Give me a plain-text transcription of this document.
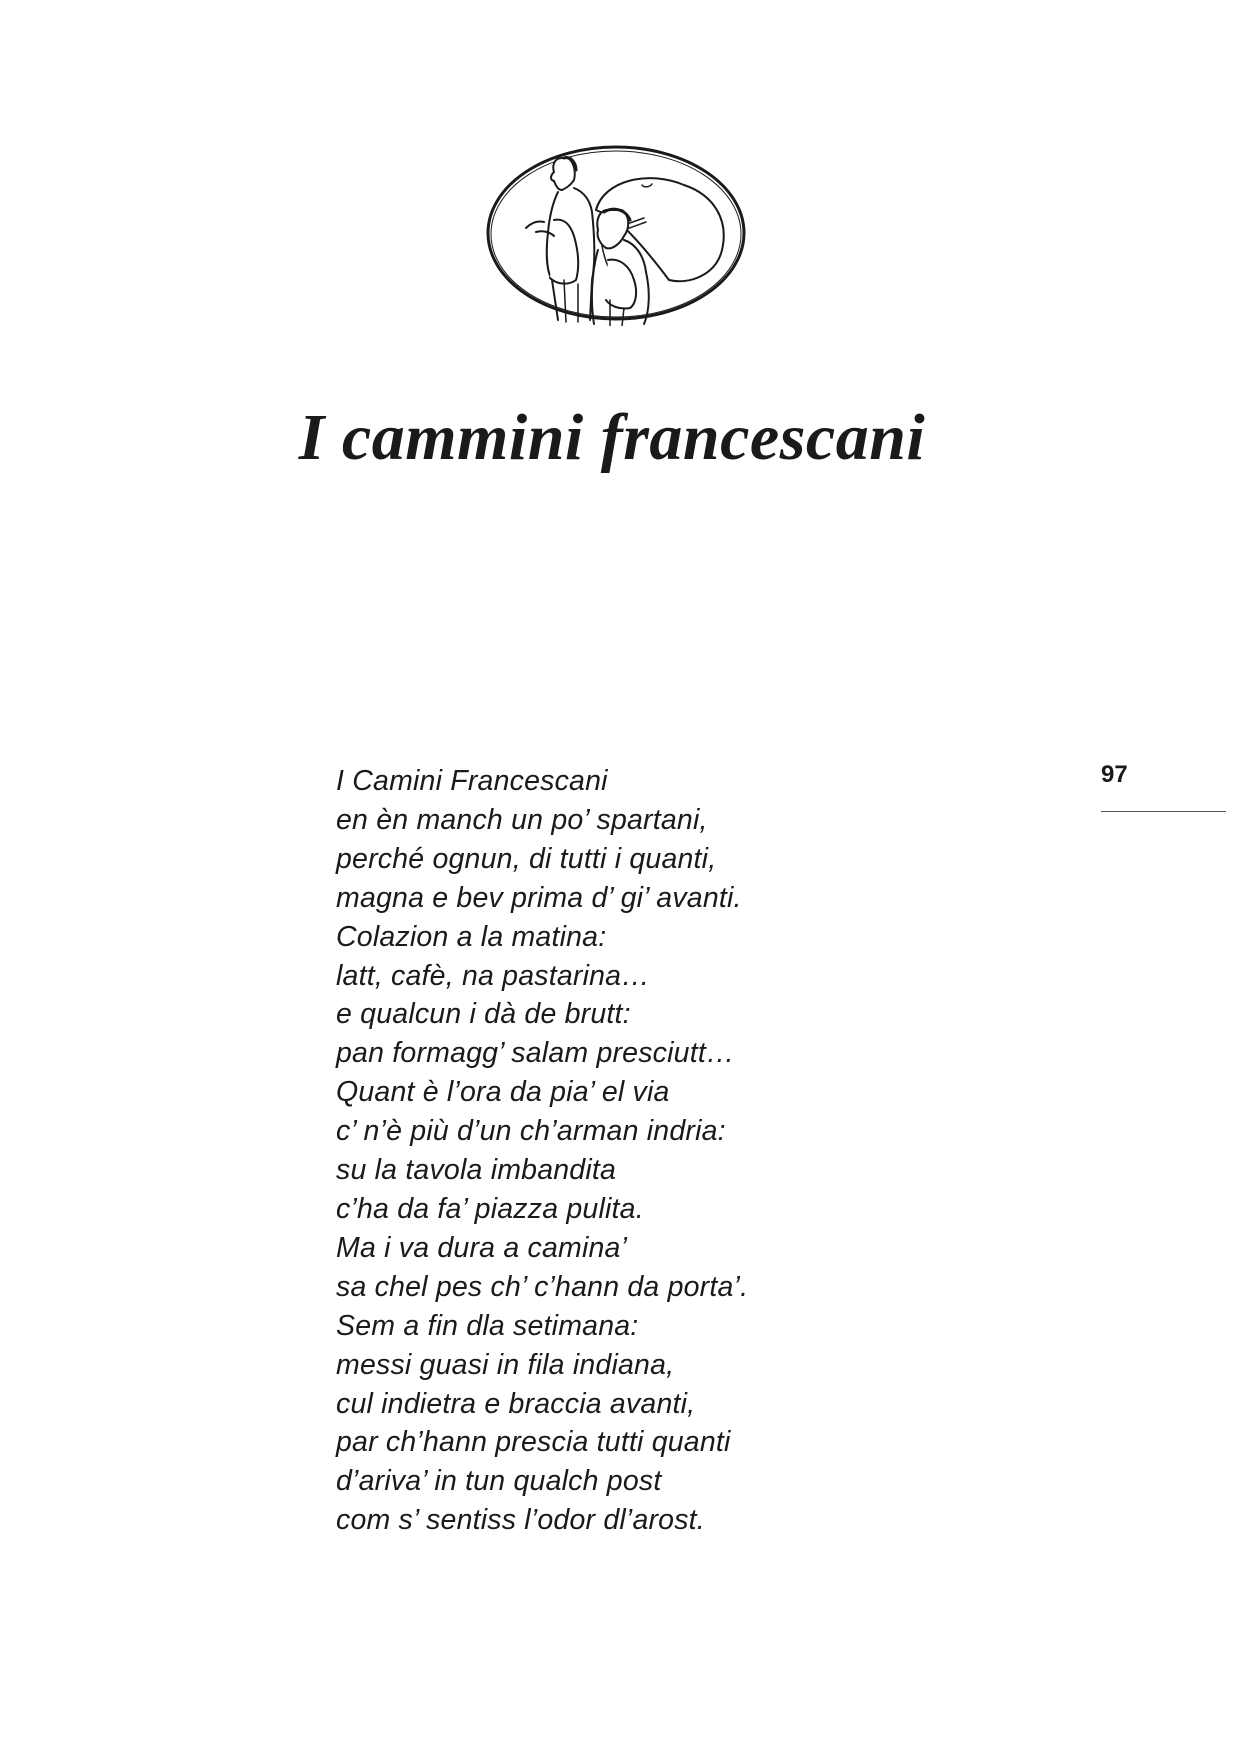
I cammini francescani
97
I Camini Francescani
en èn manch un po’ spartani,
perché ognun, di tutti i quanti,
magna e bev prima d’ gi’ avanti.
Colazion a la matina:
latt, cafè, na pastarina…
e qualcun i dà de brutt:
pan formagg’ salam presciutt…
Quant è l’ora da pia’ el via
c’ n’è più d’un ch’arman indria:
su la tavola imbandita
c’ha da fa’ piazza pulita.
Ma i va dura a camina’
sa chel pes ch’ c’hann da porta’.
Sem a fin dla setimana:
messi guasi in fila indiana,
cul indietra e braccia avanti,
par ch’hann prescia tutti quanti
d’ariva’ in tun qualch post
com s’ sentiss l’odor dl’arost.
